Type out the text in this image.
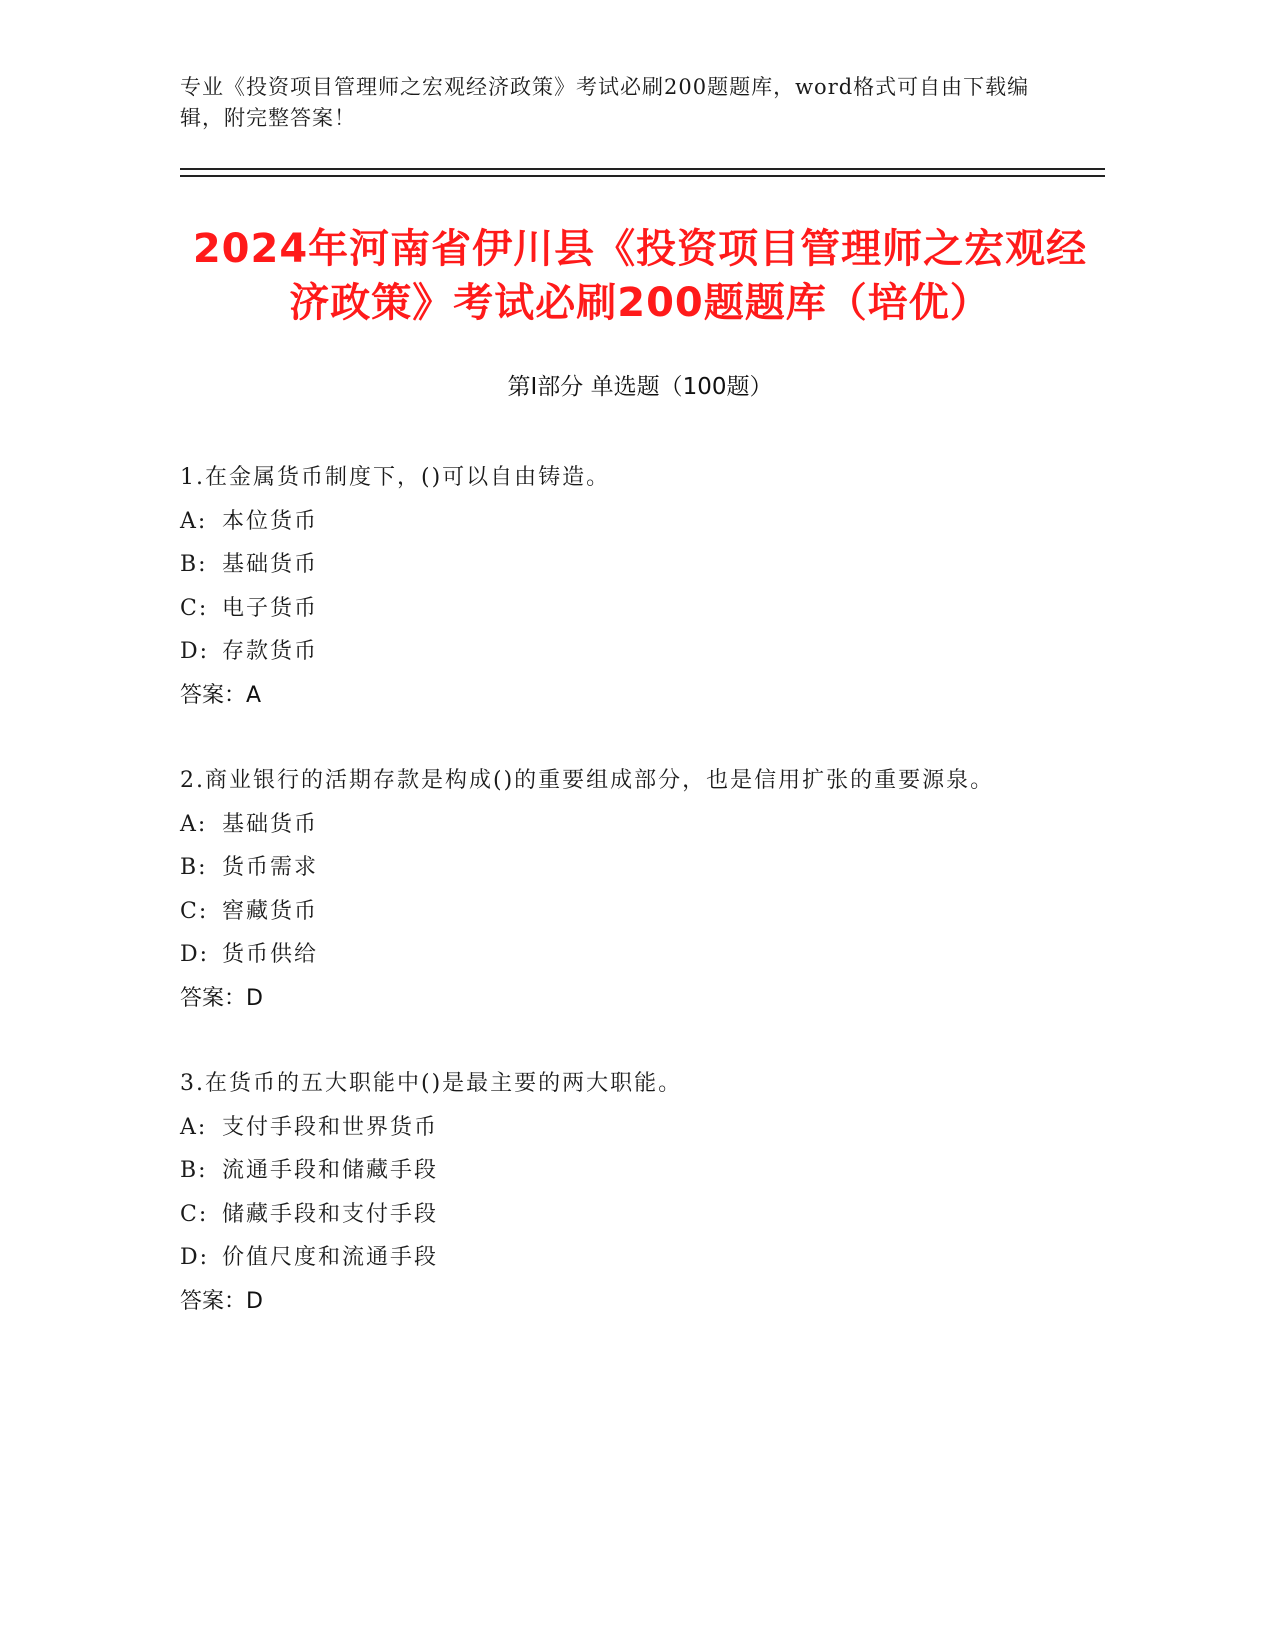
专业《投资项目管理师之宏观经济政策》考试必刷200题题库，word格式可自由下载编辑，附完整答案！
2024年河南省伊川县《投资项目管理师之宏观经济政策》考试必刷200题题库（培优）
第Ⅰ部分 单选题（100题）
1.在金属货币制度下，()可以自由铸造。
A: 本位货币
B: 基础货币
C: 电子货币
D: 存款货币
答案：A
2.商业银行的活期存款是构成()的重要组成部分，也是信用扩张的重要源泉。
A: 基础货币
B: 货币需求
C: 窖藏货币
D: 货币供给
答案：D
3.在货币的五大职能中()是最主要的两大职能。
A: 支付手段和世界货币
B: 流通手段和储藏手段
C: 储藏手段和支付手段
D: 价值尺度和流通手段
答案：D
